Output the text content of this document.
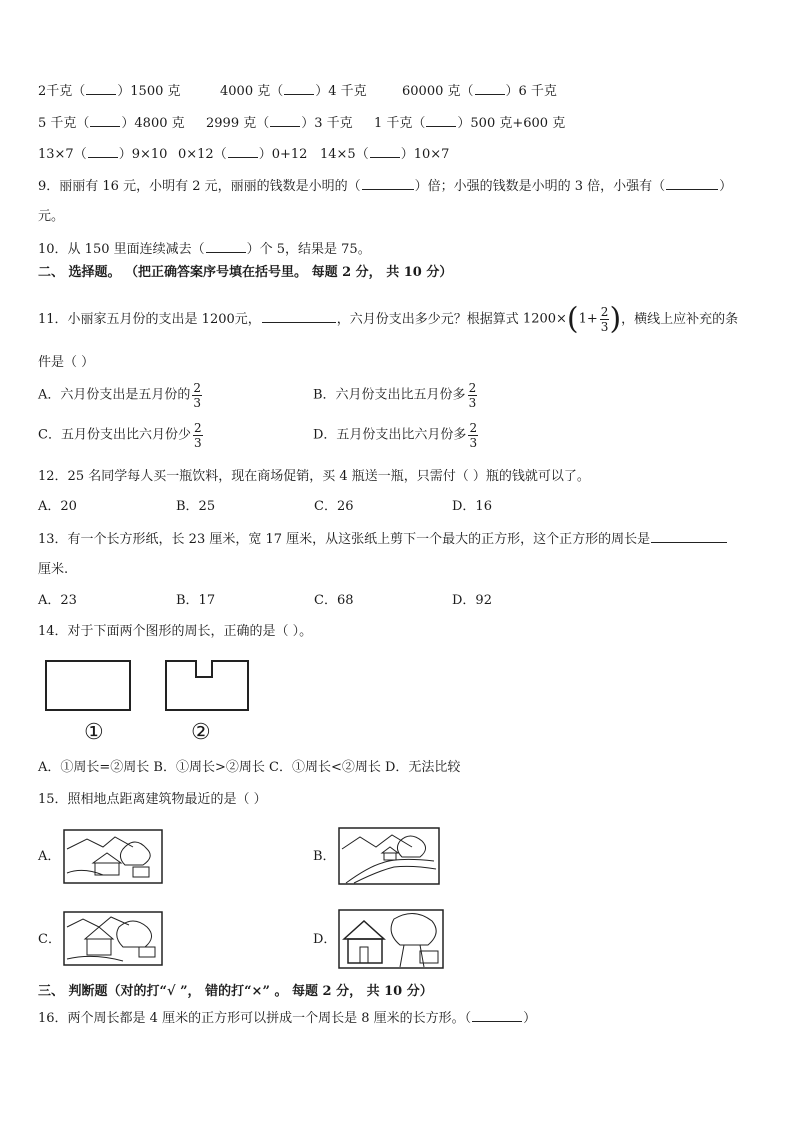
2千克（ ）1500 克	4000 克（ ）4 千克	60000 克（ ）6 千克
5 千克（ ）4800 克 2999 克（ ）3 千克 1 千克（ ）500 克+600 克
13×7（ ）9×10 0×12（ ）0+12 14×5（ ）10×7
9．丽丽有 16 元，小明有 2 元，丽丽的钱数是小明的（	）倍；小强的钱数是小明的 3 倍，小强有（	）
元。
10．从 150 里面连续减去（	）个 5，结果是 75。
二、 选择题。 （把正确答案序号填在括号里。 每题 2 分， 共 10 分）
11．小丽家五月份的支出是 1200元，	，六月份支出多少元？根据算式 $1200\times(1+ \frac{2}{3}$ )，横线上应补充的条
件是（ ）
A．六月份支出是五月份的 $\frac{2}{3}$	B．六月份支出比五月份多 $\frac{2}{3}$
C．五月份支出比六月份少 $\frac{2}{3}$	D．五月份支出比六月份多 $\frac{2}{3}$
12．25 名同学每人买一瓶饮料，现在商场促销，买 4 瓶送一瓶，只需付（ ）瓶的钱就可以了。
A．20	B．25	C．26	D．16
13．有一个长方形纸，长 23 厘米，宽 17 厘米，从这张纸上剪下一个最大的正方形，这个正方形的周长是
厘米.
A．23	B．17	C．68	D．92
14．对于下面两个图形的周长，正确的是（ ）。
①	②
A．①周长=②周长 B．①周长>②周长 C．①周长<②周长 D．无法比较
15．照相地点距离建筑物最近的是（ ）
A．	B．
C．	D．
三、 判断题（对的打“√ ”， 错的打“×” 。 每题 2 分， 共 10 分）
16．两个周长都是 4 厘米的正方形可以拼成一个周长是 8 厘米的长方形。（	）
